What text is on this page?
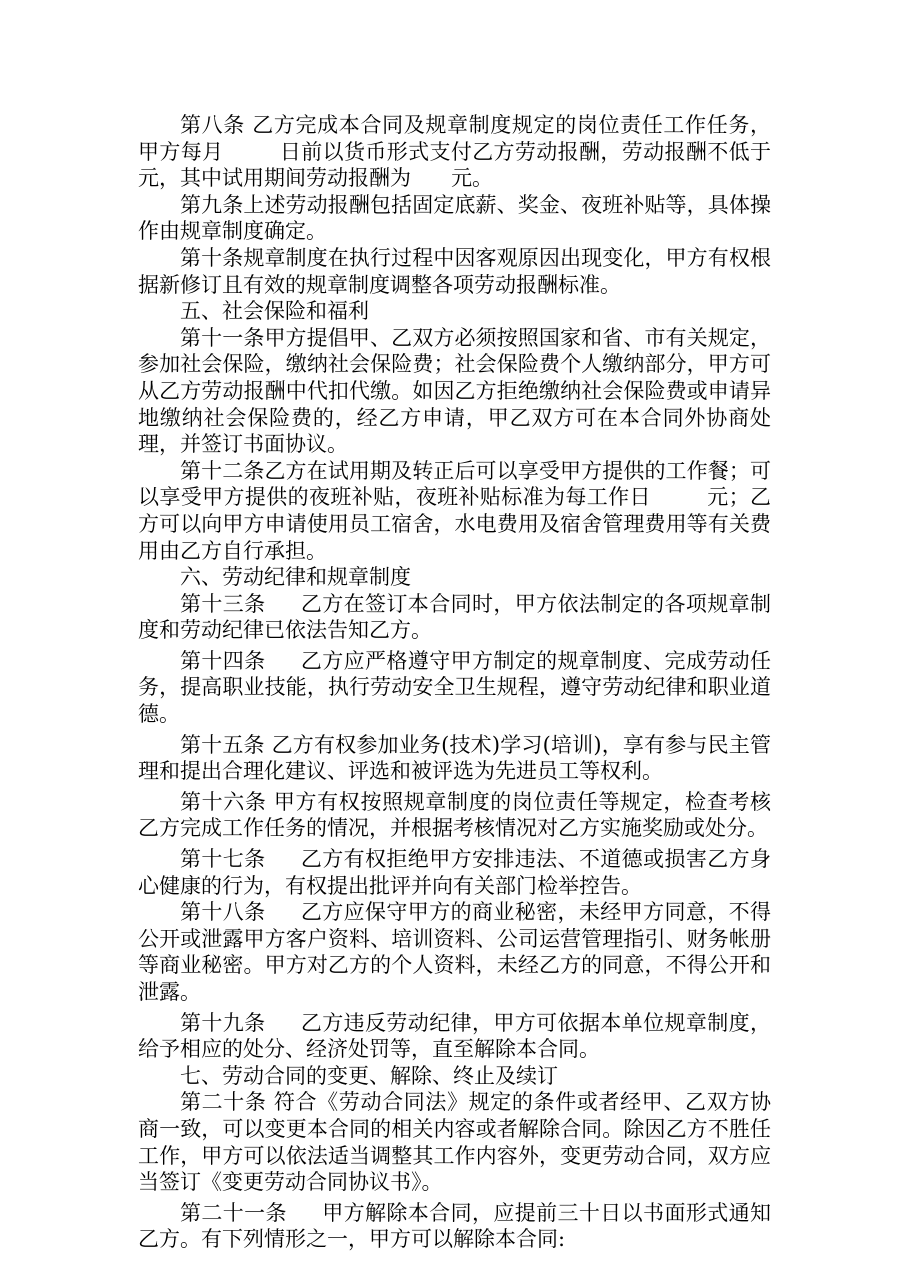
第八条 乙方完成本合同及规章制度规定的岗位责任工作任务，甲方每月	日前以货币形式支付乙方劳动报酬，劳动报酬不低于元，其中试用期间劳动报酬为 元。

第九条上述劳动报酬包括固定底薪、奖金、夜班补贴等，具体操作由规章制度确定。

第十条规章制度在执行过程中因客观原因出现变化，甲方有权根据新修订且有效的规章制度调整各项劳动报酬标准。

五、社会保险和福利

第十一条甲方提倡甲、乙双方必须按照国家和省、市有关规定，参加社会保险，缴纳社会保险费；社会保险费个人缴纳部分，甲方可从乙方劳动报酬中代扣代缴。如因乙方拒绝缴纳社会保险费或申请异地缴纳社会保险费的，经乙方申请，甲乙双方可在本合同外协商处理，并签订书面协议。

第十二条乙方在试用期及转正后可以享受甲方提供的工作餐；可以享受甲方提供的夜班补贴，夜班补贴标准为每工作日	元；乙方可以向甲方申请使用员工宿舍，水电费用及宿舍管理费用等有关费用由乙方自行承担。

六、劳动纪律和规章制度

第十三条 乙方在签订本合同时，甲方依法制定的各项规章制度和劳动纪律已依法告知乙方。

第十四条 乙方应严格遵守甲方制定的规章制度、完成劳动任务，提高职业技能，执行劳动安全卫生规程，遵守劳动纪律和职业道德。

第十五条 乙方有权参加业务(技术)学习(培训)，享有参与民主管理和提出合理化建议、评选和被评选为先进员工等权利。

第十六条 甲方有权按照规章制度的岗位责任等规定，检查考核乙方完成工作任务的情况，并根据考核情况对乙方实施奖励或处分。

第十七条 乙方有权拒绝甲方安排违法、不道德或损害乙方身心健康的行为，有权提出批评并向有关部门检举控告。

第十八条 乙方应保守甲方的商业秘密，未经甲方同意，不得公开或泄露甲方客户资料、培训资料、公司运营管理指引、财务帐册等商业秘密。甲方对乙方的个人资料，未经乙方的同意，不得公开和泄露。

第十九条 乙方违反劳动纪律，甲方可依据本单位规章制度，给予相应的处分、经济处罚等，直至解除本合同。

七、劳动合同的变更、解除、终止及续订

第二十条 符合《劳动合同法》规定的条件或者经甲、乙双方协商一致，可以变更本合同的相关内容或者解除合同。除因乙方不胜任工作，甲方可以依法适当调整其工作内容外，变更劳动合同，双方应当签订《变更劳动合同协议书》。

第二十一条 甲方解除本合同，应提前三十日以书面形式通知乙方。有下列情形之一，甲方可以解除本合同:
